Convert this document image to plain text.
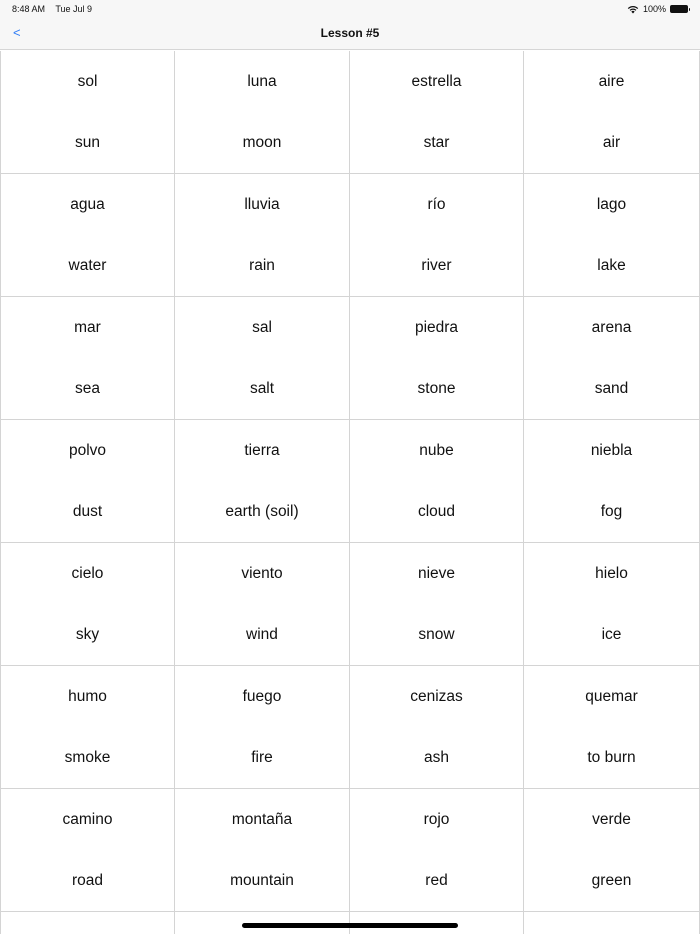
8:48 AM Tue Jul 9	100%
<	Lesson #5
sol
sun
luna
moon
estrella
star
aire
air
agua
water
lluvia
rain
río
river
lago
lake
mar
sea
sal
salt
piedra
stone
arena
sand
polvo
dust
tierra
earth (soil)
nube
cloud
niebla
fog
cielo
sky
viento
wind
nieve
snow
hielo
ice
humo
smoke
fuego
fire
cenizas
ash
quemar
to burn
camino
road
montaña
mountain
rojo
red
verde
green
